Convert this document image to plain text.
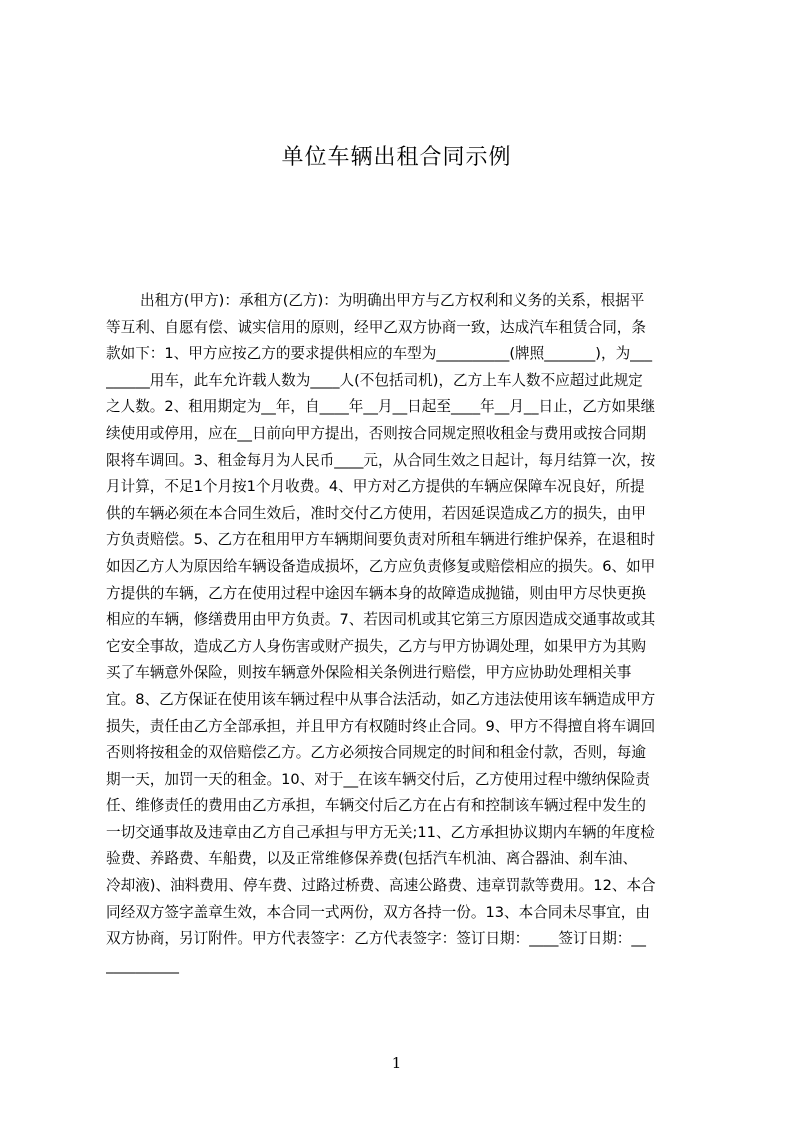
单位车辆出租合同示例
出租方(甲方)：承租方(乙方)：为明确出甲方与乙方权利和义务的关系，根据平
等互利、自愿有偿、诚实信用的原则，经甲乙双方协商一致，达成汽车租赁合同，条
款如下：1、甲方应按乙方的要求提供相应的车型为__________(牌照_______)，为___
______用车，此车允许载人数为____人(不包括司机)，乙方上车人数不应超过此规定
之人数。2、租用期定为__年，自____年__月__日起至____年__月__日止，乙方如果继
续使用或停用，应在__日前向甲方提出，否则按合同规定照收租金与费用或按合同期
限将车调回。3、租金每月为人民币____元，从合同生效之日起计，每月结算一次，按
月计算，不足1个月按1个月收费。4、甲方对乙方提供的车辆应保障车况良好，所提
供的车辆必须在本合同生效后，准时交付乙方使用，若因延误造成乙方的损失，由甲
方负责赔偿。5、乙方在租用甲方车辆期间要负责对所租车辆进行维护保养，在退租时
如因乙方人为原因给车辆设备造成损坏，乙方应负责修复或赔偿相应的损失。6、如甲
方提供的车辆，乙方在使用过程中途因车辆本身的故障造成抛锚，则由甲方尽快更换
相应的车辆，修缮费用由甲方负责。7、若因司机或其它第三方原因造成交通事故或其
它安全事故，造成乙方人身伤害或财产损失，乙方与甲方协调处理，如果甲方为其购
买了车辆意外保险，则按车辆意外保险相关条例进行赔偿，甲方应协助处理相关事
宜。8、乙方保证在使用该车辆过程中从事合法活动，如乙方违法使用该车辆造成甲方
损失，责任由乙方全部承担，并且甲方有权随时终止合同。9、甲方不得擅自将车调回
否则将按租金的双倍赔偿乙方。乙方必须按合同规定的时间和租金付款，否则，每逾
期一天，加罚一天的租金。10、对于__在该车辆交付后，乙方使用过程中缴纳保险责
任、维修责任的费用由乙方承担，车辆交付后乙方在占有和控制该车辆过程中发生的
一切交通事故及违章由乙方自己承担与甲方无关;11、乙方承担协议期内车辆的年度检
验费、养路费、车船费，以及正常维修保养费(包括汽车机油、离合器油、刹车油、
冷却液)、油料费用、停车费、过路过桥费、高速公路费、违章罚款等费用。12、本合
同经双方签字盖章生效，本合同一式两份，双方各持一份。13、本合同未尽事宜，由
双方协商，另订附件。甲方代表签字：乙方代表签字：签订日期：____签订日期：__
__________
1
